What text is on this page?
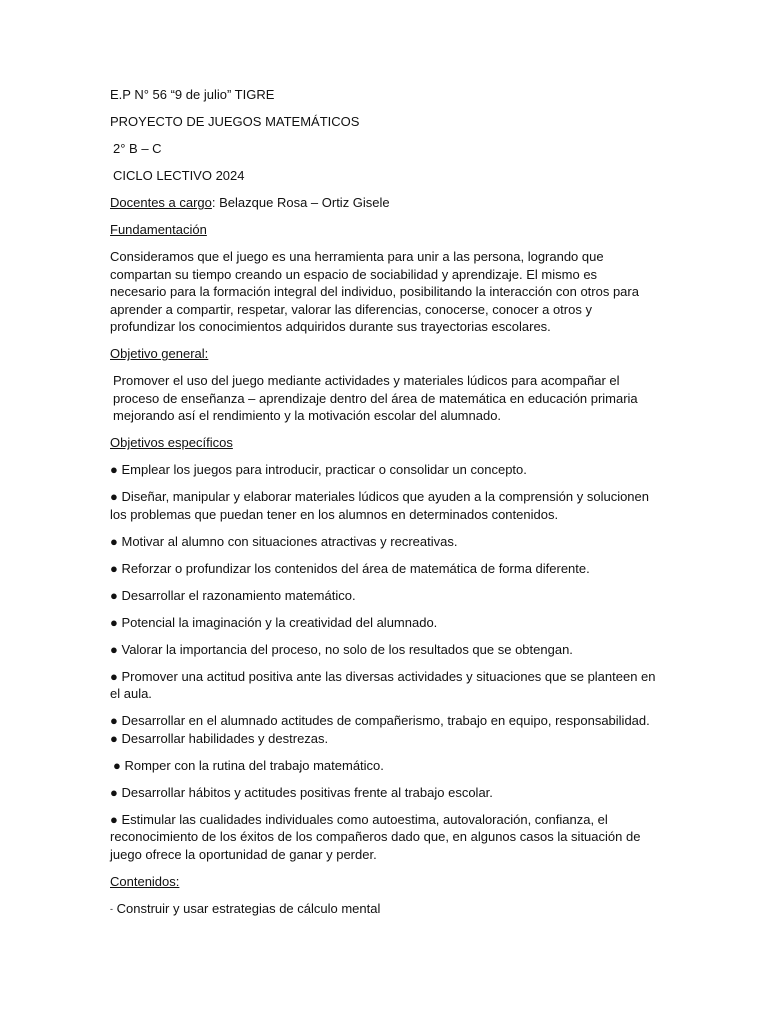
E.P N° 56 “9 de julio” TIGRE

PROYECTO DE JUEGOS MATEMÁTICOS

2° B – C

CICLO LECTIVO 2024

Docentes a cargo: Belazque Rosa – Ortiz Gisele

Fundamentación

Consideramos que el juego es una herramienta para unir a las persona, logrando que compartan su tiempo creando un espacio de sociabilidad y aprendizaje. El mismo es necesario para la formación integral del individuo, posibilitando la interacción con otros para aprender a compartir, respetar, valorar las diferencias, conocerse, conocer a otros y profundizar los conocimientos adquiridos durante sus trayectorias escolares.

Objetivo general:

Promover el uso del juego mediante actividades y materiales lúdicos para acompañar el proceso de enseñanza – aprendizaje dentro del área de matemática en educación primaria mejorando así el rendimiento y la motivación escolar del alumnado.

Objetivos específicos

● Emplear los juegos para introducir, practicar o consolidar un concepto.

● Diseñar, manipular y elaborar materiales lúdicos que ayuden a la comprensión y solucionen los problemas que puedan tener en los alumnos en determinados contenidos.

● Motivar al alumno con situaciones atractivas y recreativas.

● Reforzar o profundizar los contenidos del área de matemática de forma diferente.

● Desarrollar el razonamiento matemático.

● Potencial la imaginación y la creatividad del alumnado.

● Valorar la importancia del proceso, no solo de los resultados que se obtengan.

● Promover una actitud positiva ante las diversas actividades y situaciones que se planteen en el aula.

● Desarrollar en el alumnado actitudes de compañerismo, trabajo en equipo, responsabilidad.

● Desarrollar habilidades y destrezas.

● Romper con la rutina del trabajo matemático.

● Desarrollar hábitos y actitudes positivas frente al trabajo escolar.

● Estimular las cualidades individuales como autoestima, autovaloración, confianza, el reconocimiento de los éxitos de los compañeros dado que, en algunos casos la situación de juego ofrece la oportunidad de ganar y perder.

Contenidos:

- Construir y usar estrategias de cálculo mental
